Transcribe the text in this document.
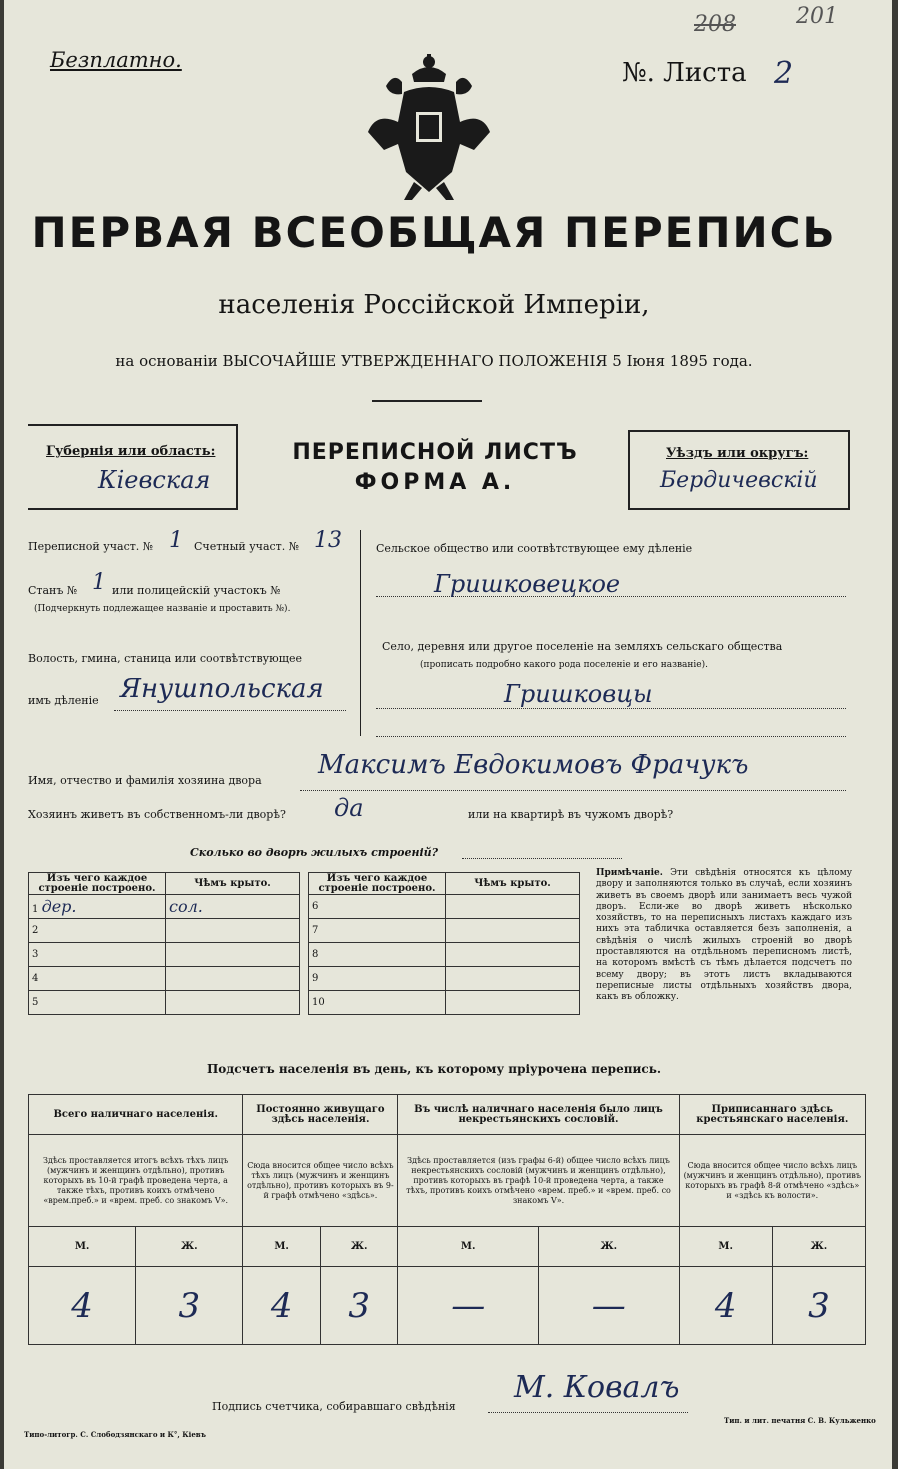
Безплатно.	№. Листа 2
208	201
ПЕРВАЯ ВСЕОБЩАЯ ПЕРЕПИСЬ
населенія Россійской Имперіи,
на основаніи ВЫСОЧАЙШЕ УТВЕРЖДЕННАГО ПОЛОЖЕНІЯ 5 Іюня 1895 года.
Губернія или область:
Кіевская
ПЕРЕПИСНОЙ ЛИСТЪ
ФОРМА А.
Уѣздъ или округъ:
Бердичевскій
Переписной участ. № 1 Счетный участ. № 13
Станъ № 1 или полицейскій участокъ №
(Подчеркнуть подлежащее названіе и проставить №).
Волость, гмина, станица или соотвѣтствующее
имъ дѣленіе Янушпольская
Сельское общество или соотвѣтствующее ему дѣленіе
Гришковецкое
Село, деревня или другое поселеніе на земляхъ сельскаго общества
(прописать подробно какого рода поселеніе и его названіе).
Гришковцы
Имя, отчество и фамилія хозяина двора
Максимъ Евдокимовъ Фрачукъ
Хозяинъ живетъ въ собственномъ-ли дворѣ? да	или на квартирѣ въ чужомъ дворѣ?
Сколько во дворѣ жилыхъ строеній?
Изъ чего каждое строеніе построено.	Чѣмъ крыто.
1 дер.	сол.
2	
3	
4	
5	
Изъ чего каждое строеніе построено.	Чѣмъ крыто.
6	
7	
8	
9	
10	
Примѣчаніе. Эти свѣдѣнія относятся къ цѣлому двору и заполняются только въ случаѣ, если хозяинъ живетъ въ своемъ дворѣ или занимаетъ весь чужой дворъ. Если-же во дворѣ живетъ нѣсколько хозяйствъ, то на переписныхъ листахъ каждаго изъ нихъ эта табличка оставляется безъ заполненія, а свѣдѣнія о числѣ жилыхъ строеній во дворѣ проставляются на отдѣльномъ переписномъ листѣ, на которомъ вмѣстѣ съ тѣмъ дѣлается подсчетъ по всему двору; въ этотъ листъ вкладываются переписные листы отдѣльныхъ хозяйствъ двора, какъ въ обложку.
Подсчетъ населенія въ день, къ которому пріурочена перепись.
Всего наличнаго населенія.		Постоянно живущаго здѣсь населенія.		Въ числѣ наличнаго населенія было лицъ некрестьянскихъ сословій.		Приписаннаго здѣсь крестьянскаго населенія.	
Здѣсь проставляется итогъ всѣхъ тѣхъ лицъ (мужчинъ и женщинъ отдѣльно), противъ которыхъ въ 10-й графѣ проведена черта, а также тѣхъ, противъ коихъ отмѣчено «врем.преб.» и «врем. преб. со знакомъ V».		Сюда вносится общее число всѣхъ тѣхъ лицъ (мужчинъ и женщинъ отдѣльно), противъ которыхъ въ 9-й графѣ отмѣчено «здѣсь».		Здѣсь проставляется (изъ графы 6-й) общее число всѣхъ лицъ некрестьянскихъ сословій (мужчинъ и женщинъ отдѣльно), противъ которыхъ въ графѣ 10-й проведена черта, а также тѣхъ, противъ коихъ отмѣчено «врем. преб.» и «врем. преб. со знакомъ V».		Сюда вносится общее число всѣхъ лицъ (мужчинъ и женщинъ отдѣльно), противъ которыхъ въ графѣ 8-й отмѣчено «здѣсь» и «здѣсь къ волости».	
М.	Ж.	М.	Ж.	М.	Ж.	М.	Ж.
4	3	4	3	—	—	4	3
Подпись счетчика, собиравшаго свѣдѣнія
М. Ковалъ
Типо-литогр. С. Слободзянскаго и К°, Кіевъ
Тип. и лит. печатня С. В. Кульженко
